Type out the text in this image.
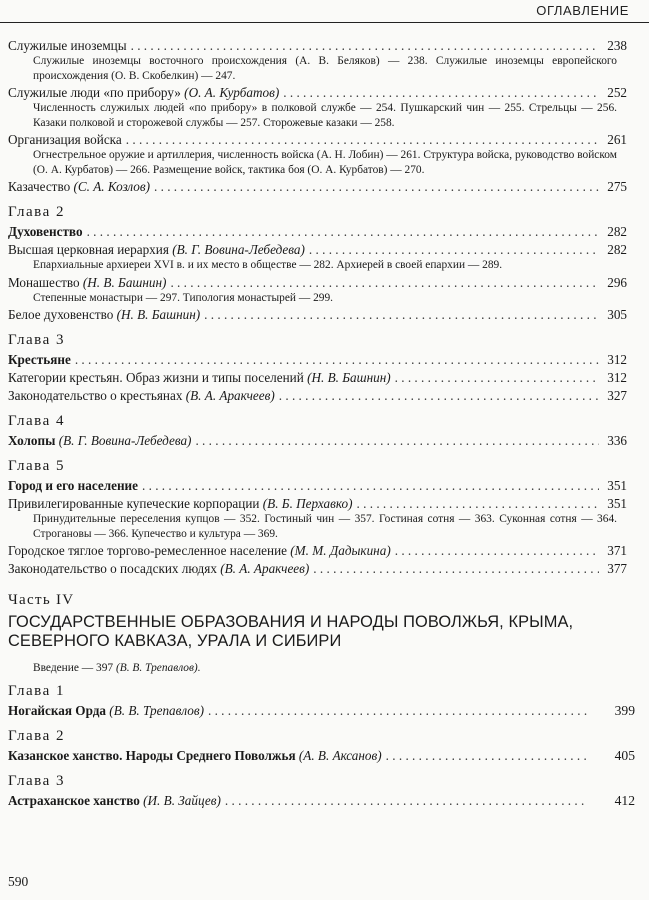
ОГЛАВЛЕНИЕ
Служилые иноземцы . . .	238
Служилые иноземцы восточного происхождения (А. В. Беляков) — 238. Служилые иноземцы европейского происхождения (О. В. Скобелкин) — 247.
Служилые люди «по прибору» (О. А. Курбатов) . . .	252
Численность служилых людей «по прибору» в полковой службе — 254. Пушкарский чин — 255. Стрельцы — 256. Казаки полковой и сторожевой службы — 257. Сторожевые казаки — 258.
Организация войска . . .	261
Огнестрельное оружие и артиллерия, численность войска (А. Н. Лобин) — 261. Структура войска, руководство войском (О. А. Курбатов) — 266. Размещение войск, тактика боя (О. А. Курбатов) — 270.
Казачество (С. А. Козлов) . . .	275
Глава 2
Духовенство . . .	282
Высшая церковная иерархия (В. Г. Вовина-Лебедева) . . .	282
Епархиальные архиереи XVI в. и их место в обществе — 282. Архиерей в своей епархии — 289.
Монашество (Н. В. Башнин) . . .	296
Степенные монастыри — 297. Типология монастырей — 299.
Белое духовенство (Н. В. Башнин) . . .	305
Глава 3
Крестьяне . . .	312
Категории крестьян. Образ жизни и типы поселений (Н. В. Башнин) . . .	312
Законодательство о крестьянах (В. А. Аракчеев) . . .	327
Глава 4
Холопы (В. Г. Вовина-Лебедева) . . .	336
Глава 5
Город и его население . . .	351
Привилегированные купеческие корпорации (В. Б. Перхавко) . . .	351
Принудительные переселения купцов — 352. Гостиный чин — 357. Гостиная сотня — 363. Суконная сотня — 364. Строгановы — 366. Купечество и культура — 369.
Городское тяглое торгово-ремесленное население (М. М. Дадыкина) . . .	371
Законодательство о посадских людях (В. А. Аракчеев) . . .	377
Часть IV
ГОСУДАРСТВЕННЫЕ ОБРАЗОВАНИЯ И НАРОДЫ ПОВОЛЖЬЯ, КРЫМА,
СЕВЕРНОГО КАВКАЗА, УРАЛА И СИБИРИ
Введение — 397 (В. В. Трепавлов).
Глава 1
Ногайская Орда (В. В. Трепавлов) . . .	399
Глава 2
Казанское ханство. Народы Среднего Поволжья (А. В. Аксанов) . . .	405
Глава 3
Астраханское ханство (И. В. Зайцев) . . .	412
590
